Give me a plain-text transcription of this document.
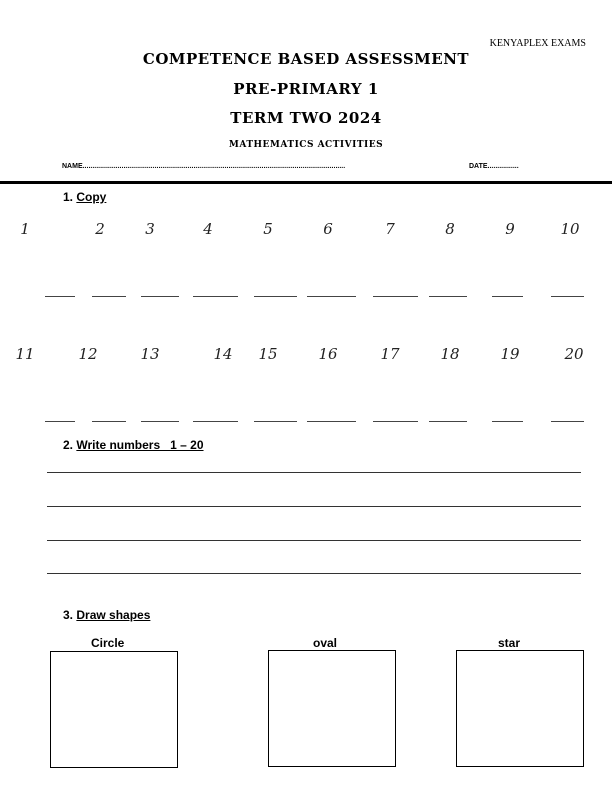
KENYAPLEX EXAMS
COMPETENCE BASED ASSESSMENT
PRE-PRIMARY 1
TERM TWO 2024
MATHEMATICS ACTIVITIES
NAME.......................................................................................................................................	DATE................
1. Copy
1	2	3	4	5	6	7	8	9	10
11	12	13	14 15	16	17	18	19	20
2. Write numbers   1 – 20
3. Draw shapes
Circle	oval	star
